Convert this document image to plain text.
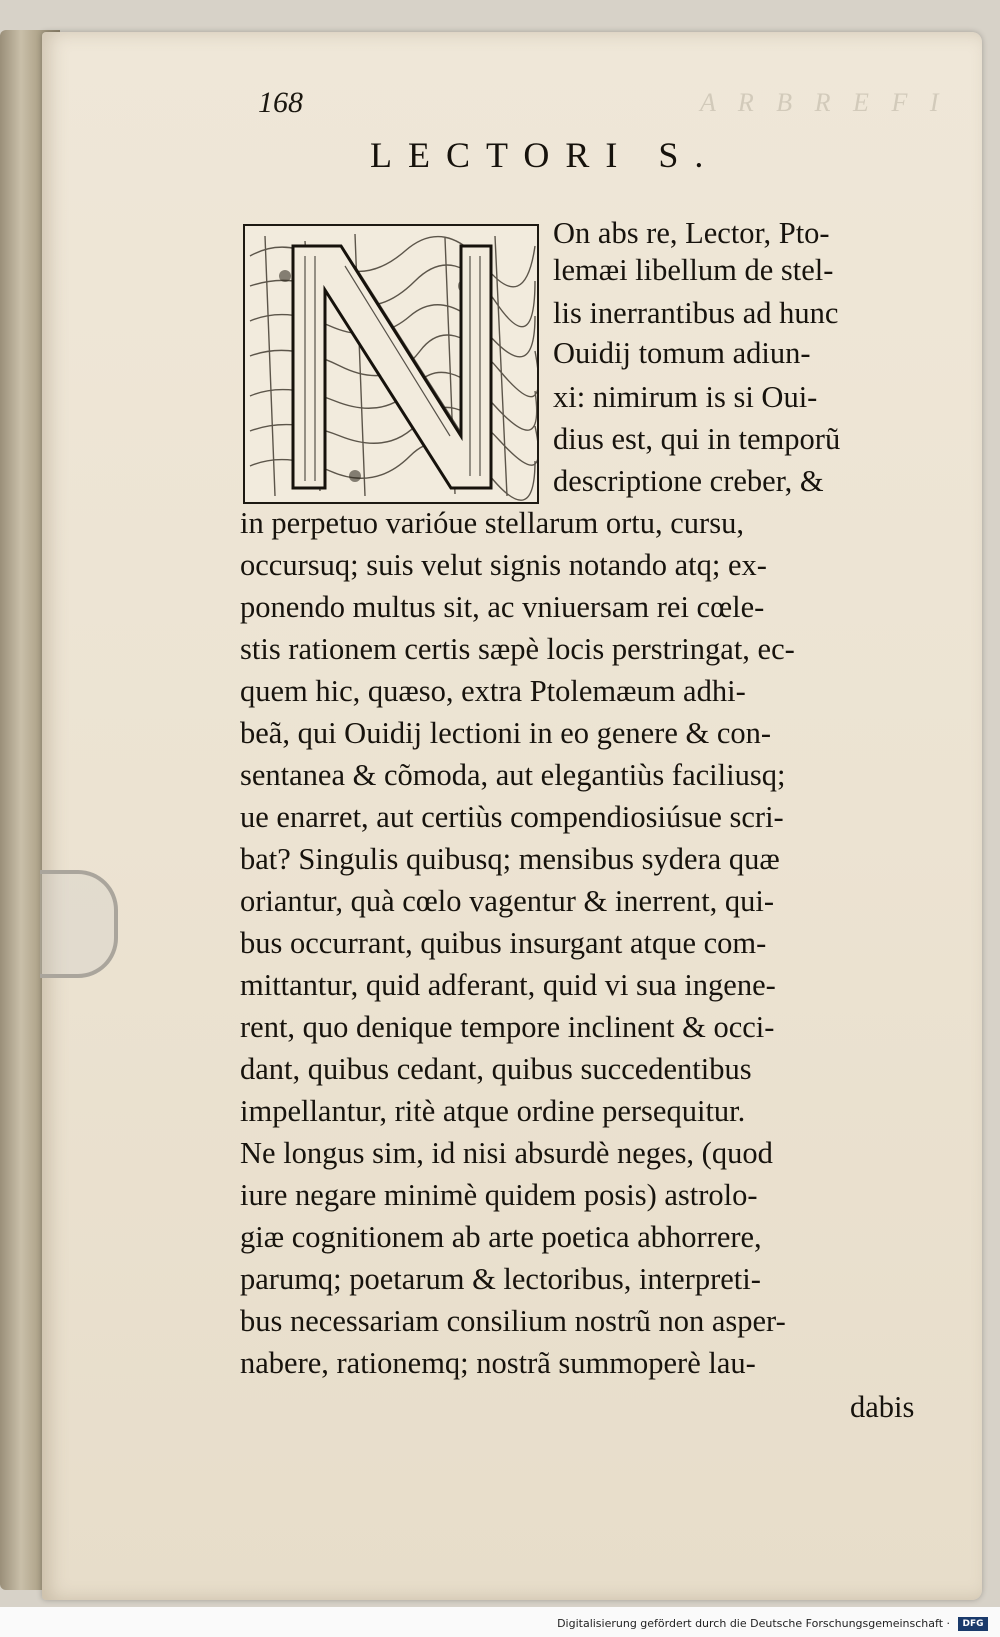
A R B R E F I
168
LECTORI S.
On abs re, Lector, Pto-
lemæi libellum de stel-
lis inerrantibus ad hunc
Ouidij tomum adiun-
xi: nimirum is si Oui-
dius est, qui in temporũ
descriptione creber, &
in perpetuo varióue stellarum ortu, cursu,
occursuq; suis velut signis notando atq; ex-
ponendo multus sit, ac vniuersam rei cœle-
stis rationem certis sæpè locis perstringat, ec-
quem hic, quæso, extra Ptolemæum adhi-
beã, qui Ouidij lectioni in eo genere & con-
sentanea & cõmoda, aut elegantiùs faciliusq;
ue enarret, aut certiùs compendiosiúsue scri-
bat? Singulis quibusq; mensibus sydera quæ
oriantur, quà cœlo vagentur & inerrent, qui-
bus occurrant, quibus insurgant atque com-
mittantur, quid adferant, quid vi sua ingene-
rent, quo denique tempore inclinent & occi-
dant, quibus cedant, quibus succedentibus
impellantur, ritè atque ordine persequitur.
Ne longus sim, id nisi absurdè neges, (quod
iure negare minimè quidem posis) astrolo-
giæ cognitionem ab arte poetica abhorrere,
parumq; poetarum & lectoribus, interpreti-
bus necessariam consilium nostrũ non asper-
nabere, rationemq; nostrã summoperè lau-
dabis
Digitalisierung gefördert durch die Deutsche Forschungsgemeinschaft ·	DFG
